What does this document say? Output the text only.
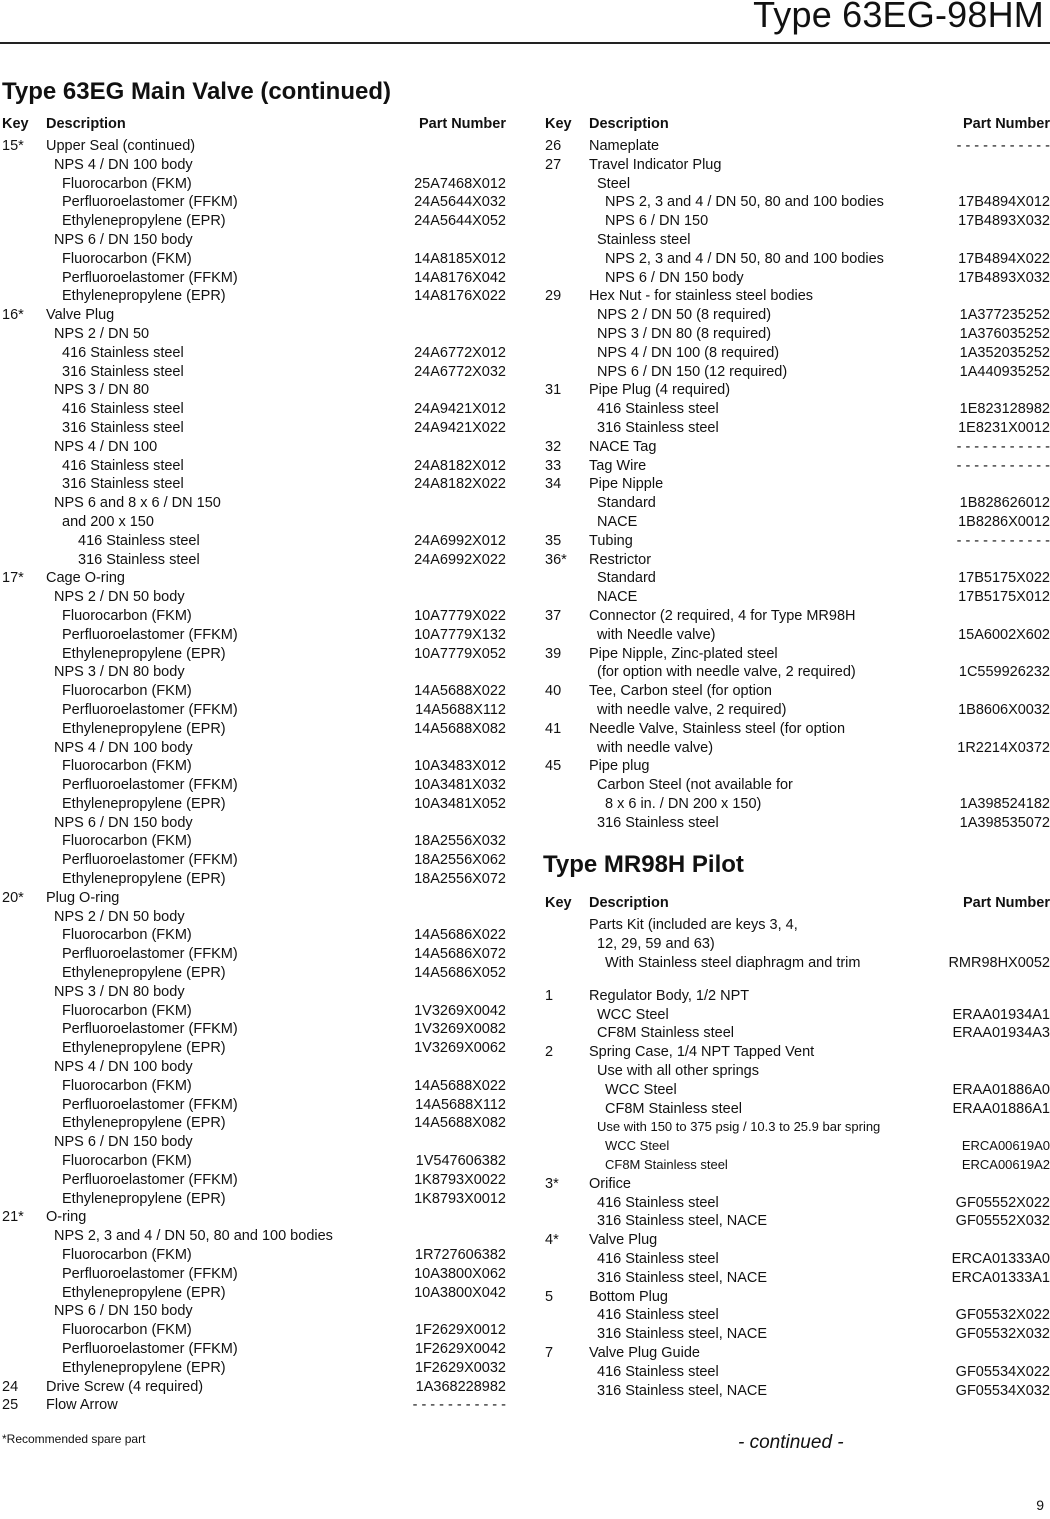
Type 63EG-98HM
Type 63EG Main Valve (continued)
Key	Description	Part Number
15*	Upper Seal (continued)
NPS 4 / DN 100 body
Fluorocarbon (FKM)	25A7468X012
Perfluoroelastomer (FFKM)	24A5644X032
Ethylenepropylene (EPR)	24A5644X052
NPS 6 / DN 150 body
Fluorocarbon (FKM)	14A8185X012
Perfluoroelastomer (FFKM)	14A8176X042
Ethylenepropylene (EPR)	14A8176X022
16*	Valve Plug
NPS 2 / DN 50
416 Stainless steel	24A6772X012
316 Stainless steel	24A6772X032
NPS 3 / DN 80
416 Stainless steel	24A9421X012
316 Stainless steel	24A9421X022
NPS 4 / DN 100
416 Stainless steel	24A8182X012
316 Stainless steel	24A8182X022
NPS 6 and 8 x 6 / DN 150
and 200 x 150
416 Stainless steel	24A6992X012
316 Stainless steel	24A6992X022
17*	Cage O-ring
NPS 2 / DN 50 body
Fluorocarbon (FKM)	10A7779X022
Perfluoroelastomer (FFKM)	10A7779X132
Ethylenepropylene (EPR)	10A7779X052
NPS 3 / DN 80 body
Fluorocarbon (FKM)	14A5688X022
Perfluoroelastomer (FFKM)	14A5688X112
Ethylenepropylene (EPR)	14A5688X082
NPS 4 / DN 100 body
Fluorocarbon (FKM)	10A3483X012
Perfluoroelastomer (FFKM)	10A3481X032
Ethylenepropylene (EPR)	10A3481X052
NPS 6 / DN 150 body
Fluorocarbon (FKM)	18A2556X032
Perfluoroelastomer (FFKM)	18A2556X062
Ethylenepropylene (EPR)	18A2556X072
20*	Plug O-ring
NPS 2 / DN 50 body
Fluorocarbon (FKM)	14A5686X022
Perfluoroelastomer (FFKM)	14A5686X072
Ethylenepropylene (EPR)	14A5686X052
NPS 3 / DN 80 body
Fluorocarbon (FKM)	1V3269X0042
Perfluoroelastomer (FFKM)	1V3269X0082
Ethylenepropylene (EPR)	1V3269X0062
NPS 4 / DN 100 body
Fluorocarbon (FKM)	14A5688X022
Perfluoroelastomer (FFKM)	14A5688X112
Ethylenepropylene (EPR)	14A5688X082
NPS 6 / DN 150 body
Fluorocarbon (FKM)	1V547606382
Perfluoroelastomer (FFKM)	1K8793X0022
Ethylenepropylene (EPR)	1K8793X0012
21*	O-ring
NPS 2, 3 and 4 / DN 50, 80 and 100 bodies
Fluorocarbon (FKM)	1R727606382
Perfluoroelastomer (FFKM)	10A3800X062
Ethylenepropylene (EPR)	10A3800X042
NPS 6 / DN 150 body
Fluorocarbon (FKM)	1F2629X0012
Perfluoroelastomer (FFKM)	1F2629X0042
Ethylenepropylene (EPR)	1F2629X0032
24	Drive Screw (4 required)	1A368228982
25	Flow Arrow	- - - - - - - - - - -
Key	Description	Part Number
26	Nameplate	- - - - - - - - - - -
27	Travel Indicator Plug
Steel
NPS 2, 3 and 4 / DN 50, 80 and 100 bodies	17B4894X012
NPS 6 / DN 150	17B4893X032
Stainless steel
NPS 2, 3 and 4 / DN 50, 80 and 100 bodies	17B4894X022
NPS 6 / DN 150 body	17B4893X032
29	Hex Nut - for stainless steel bodies
NPS 2 / DN 50 (8 required)	1A377235252
NPS 3 / DN 80 (8 required)	1A376035252
NPS 4 / DN 100 (8 required)	1A352035252
NPS 6 / DN 150 (12 required)	1A440935252
31	Pipe Plug (4 required)
416 Stainless steel	1E823128982
316 Stainless steel	1E8231X0012
32	NACE Tag	- - - - - - - - - - -
33	Tag Wire	- - - - - - - - - - -
34	Pipe Nipple
Standard	1B828626012
NACE	1B8286X0012
35	Tubing	- - - - - - - - - - -
36*	Restrictor
Standard	17B5175X022
NACE	17B5175X012
37	Connector (2 required, 4 for Type MR98H
with Needle valve)	15A6002X602
39	Pipe Nipple, Zinc-plated steel
(for option with needle valve, 2 required)	1C559926232
40	Tee, Carbon steel (for option
with needle valve, 2 required)	1B8606X0032
41	Needle Valve, Stainless steel (for option
with needle valve)	1R2214X0372
45	Pipe plug
Carbon Steel (not available for
8 x 6 in. / DN 200 x 150)	1A398524182
316 Stainless steel	1A398535072
Type MR98H Pilot
Key	Description	Part Number
Parts Kit (included are keys 3, 4,
12, 29, 59 and 63)
With Stainless steel diaphragm and trim	RMR98HX0052
1	Regulator Body, 1/2 NPT
WCC Steel	ERAA01934A1
CF8M Stainless steel	ERAA01934A3
2	Spring Case, 1/4 NPT Tapped Vent
Use with all other springs
WCC Steel	ERAA01886A0
CF8M Stainless steel	ERAA01886A1
Use with 150 to 375 psig / 10.3 to 25.9 bar spring
WCC Steel	ERCA00619A0
CF8M Stainless steel	ERCA00619A2
3*	Orifice
416 Stainless steel	GF05552X022
316 Stainless steel, NACE	GF05552X032
4*	Valve Plug
416 Stainless steel	ERCA01333A0
316 Stainless steel, NACE	ERCA01333A1
5	Bottom Plug
416 Stainless steel	GF05532X022
316 Stainless steel, NACE	GF05532X032
7	Valve Plug Guide
416 Stainless steel	GF05534X022
316 Stainless steel, NACE	GF05534X032
*Recommended spare part	- continued -
9
